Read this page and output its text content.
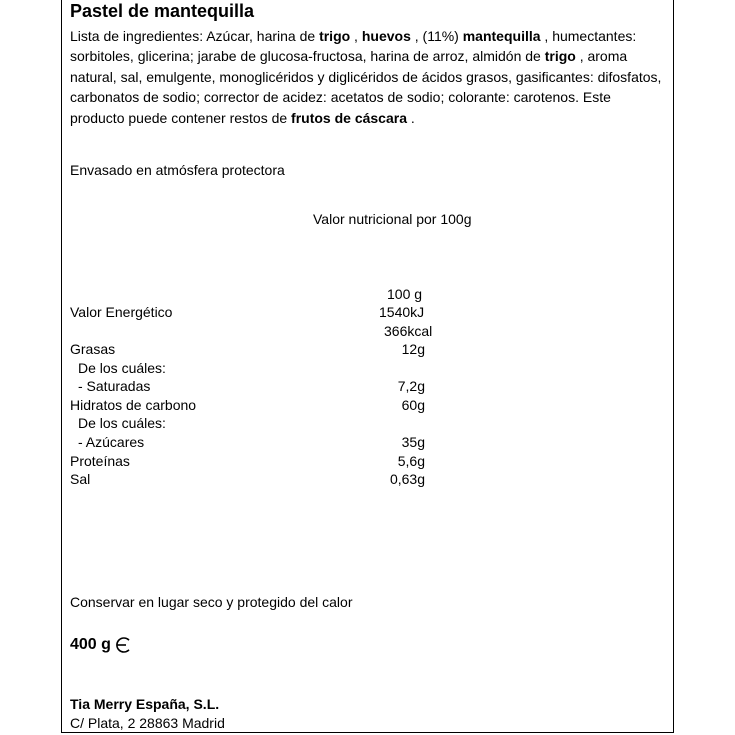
Pastel de mantequilla
Lista de ingredientes: Azúcar, harina de trigo , huevos , (11%) mantequilla , humectantes: sorbitoles, glicerina; jarabe de glucosa-fructosa, harina de arroz, almidón de trigo , aroma natural, sal, emulgente, monoglicéridos y diglicéridos de ácidos grasos, gasificantes: difosfatos, carbonatos de sodio; corrector de acidez: acetatos de sodio; colorante: carotenos. Este producto puede contener restos de frutos de cáscara .
Envasado en atmósfera protectora
Valor nutricional por 100g
100 g
Valor Energético	1540kJ
366kcal
Grasas	12g
De los cuáles:
- Saturadas	7,2g
Hidratos de carbono	60g
De los cuáles:
- Azúcares	35g
Proteínas	5,6g
Sal	0,63g
Conservar en lugar seco y protegido del calor
400 g
Tia Merry España, S.L.
C/ Plata, 2 28863 Madrid
